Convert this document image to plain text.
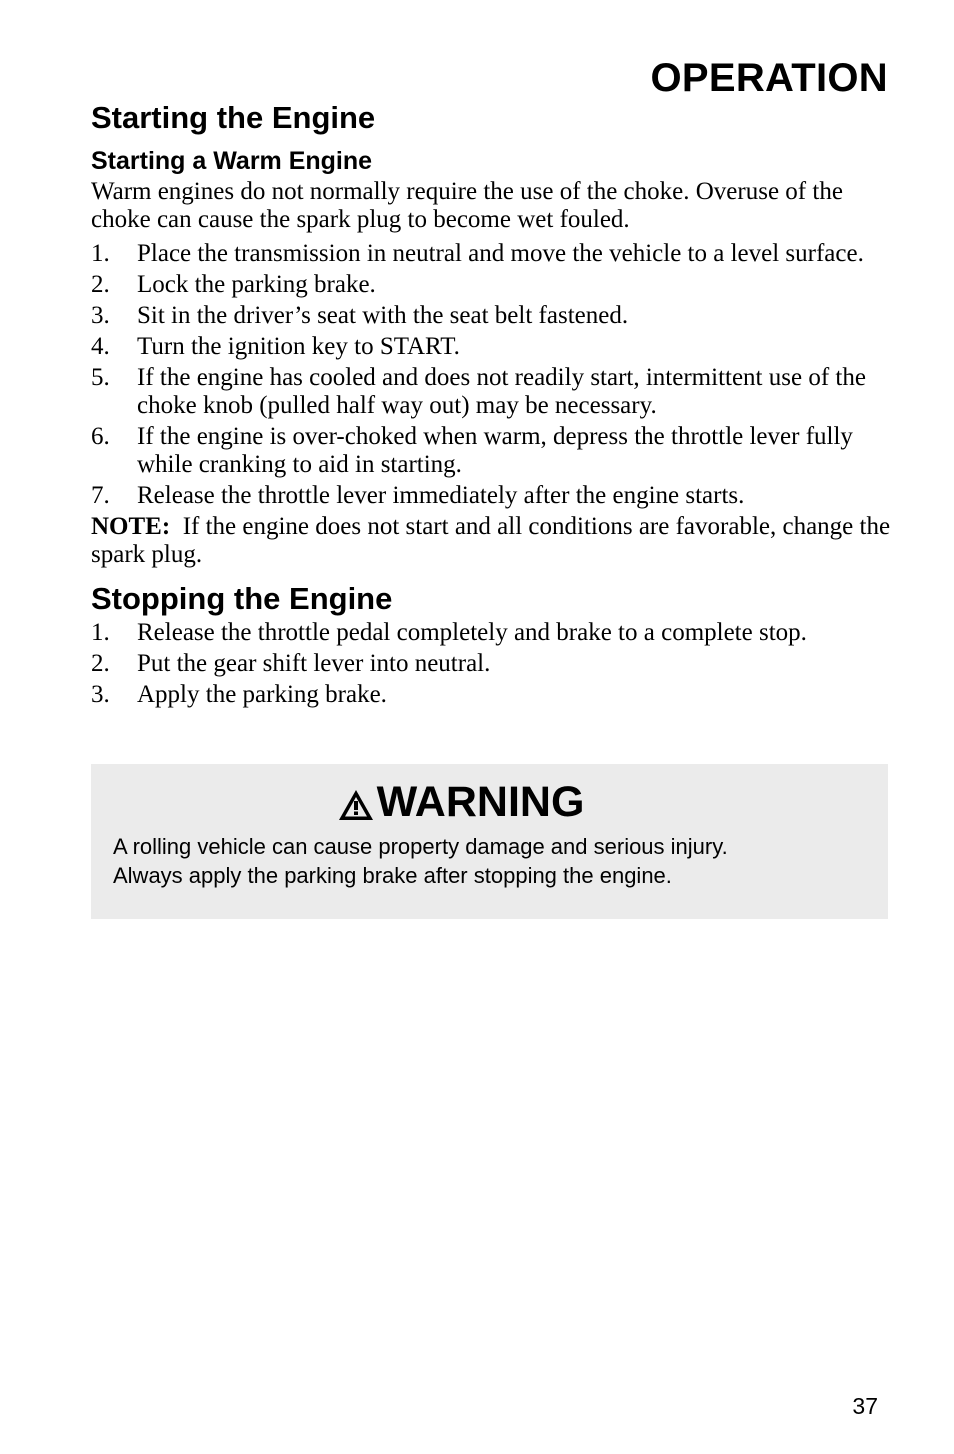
OPERATION
Starting the Engine
Starting a Warm Engine

Warm engines do not normally require the use of the choke. Overuse of the choke can cause the spark plug to become wet fouled.

1. Place the transmission in neutral and move the vehicle to a level surface.
2. Lock the parking brake.
3. Sit in the driver’s seat with the seat belt fastened.
4. Turn the ignition key to START.
5. If the engine has cooled and does not readily start, intermittent use of the choke knob (pulled half way out) may be necessary.
6. If the engine is over-choked when warm, depress the throttle lever fully while cranking to aid in starting.
7. Release the throttle lever immediately after the engine starts.

NOTE: If the engine does not start and all conditions are favorable, change the spark plug.

Stopping the Engine
1. Release the throttle pedal completely and brake to a complete stop.
2. Put the gear shift lever into neutral.
3. Apply the parking brake.
WARNING
A rolling vehicle can cause property damage and serious injury.
Always apply the parking brake after stopping the engine.
37
